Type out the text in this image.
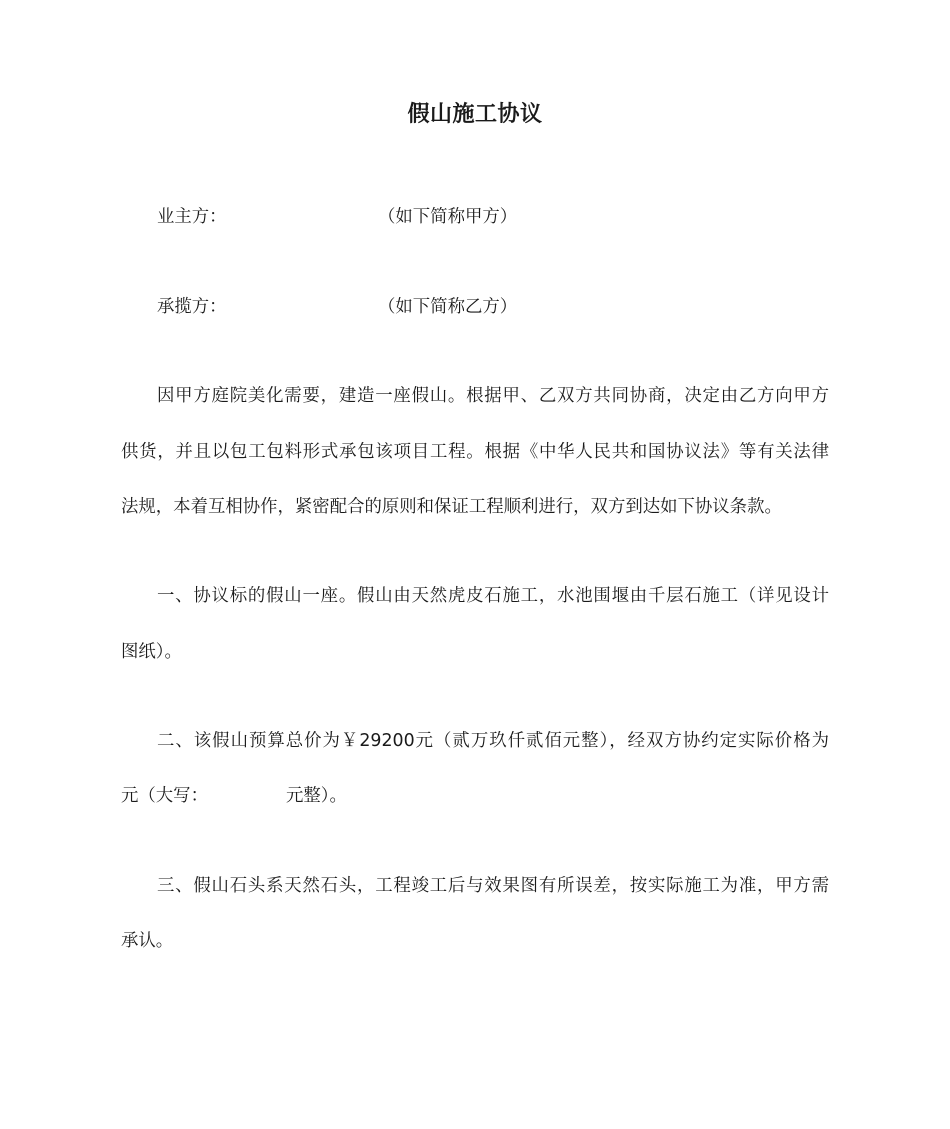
假山施工协议
业主方：	（如下简称甲方）
承揽方：	（如下简称乙方）
因甲方庭院美化需要，建造一座假山。根据甲、乙双方共同协商，决定由乙方向甲方
供货，并且以包工包料形式承包该项目工程。根据《中华人民共和国协议法》等有关法律
法规，本着互相协作，紧密配合的原则和保证工程顺利进行，双方到达如下协议条款。
一、协议标的假山一座。假山由天然虎皮石施工，水池围堰由千层石施工（详见设计
图纸）。
二、该假山预算总价为￥29200元（贰万玖仟贰佰元整），经双方协约定实际价格为
元（大写：	元整）。
三、假山石头系天然石头，工程竣工后与效果图有所误差，按实际施工为准，甲方需
承认。
